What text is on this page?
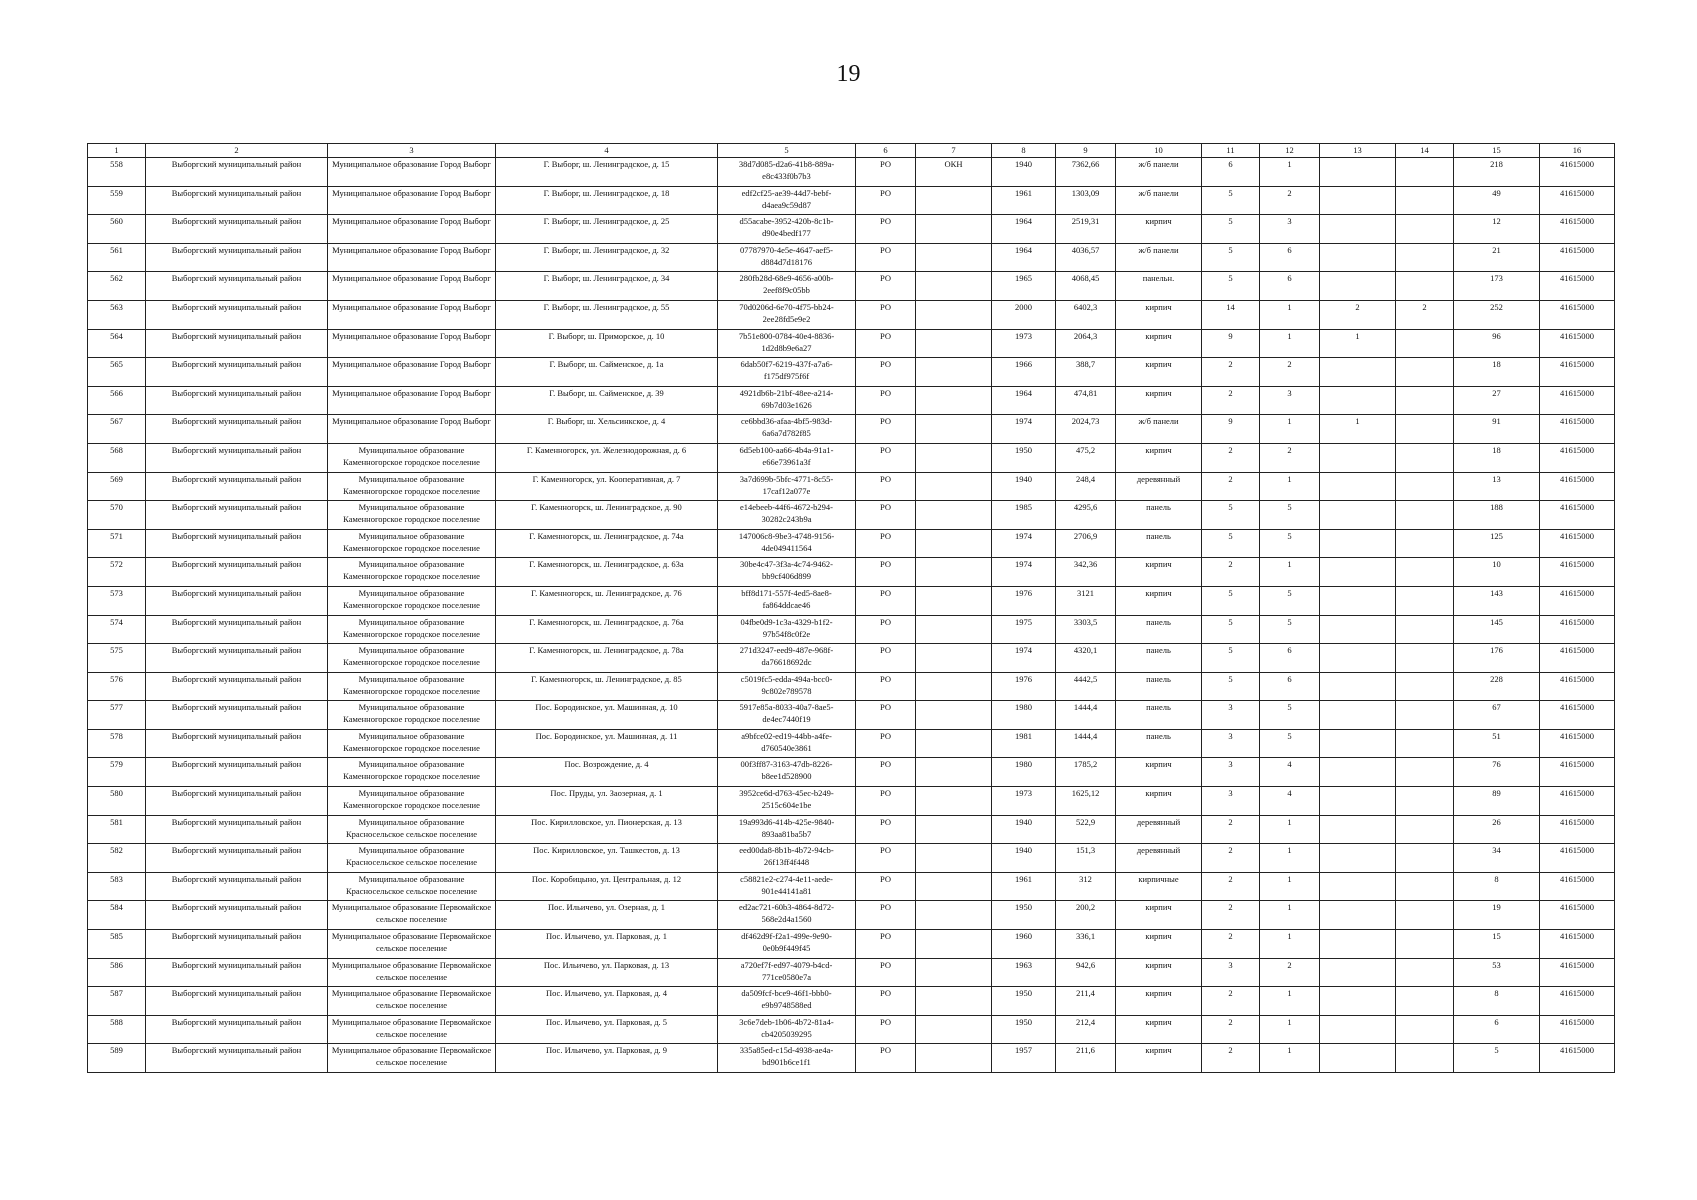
19
1	2	3	4	5	6	7	8	9	10	11	12	13	14	15	16
558	Выборгский муниципальный район	Муниципальное образование Город Выборг	Г. Выборг, ш. Ленинградское, д. 15	38d7d085-d2a6-41b8-889a-e8c433f0b7b3	РО	ОКН	1940	7362,66	ж/б панели	6	1			218	41615000
559	Выборгский муниципальный район	Муниципальное образование Город Выборг	Г. Выборг, ш. Ленинградское, д. 18	edf2cf25-ae39-44d7-bebf-d4aea9c59d87	РО		1961	1303,09	ж/б панели	5	2			49	41615000
560	Выборгский муниципальный район	Муниципальное образование Город Выборг	Г. Выборг, ш. Ленинградское, д. 25	d55acabe-3952-420b-8c1b-d90e4bedf177	РО		1964	2519,31	кирпич	5	3			12	41615000
561	Выборгский муниципальный район	Муниципальное образование Город Выборг	Г. Выборг, ш. Ленинградское, д. 32	07787970-4e5e-4647-aef5-d884d7d18176	РО		1964	4036,57	ж/б панели	5	6			21	41615000
562	Выборгский муниципальный район	Муниципальное образование Город Выборг	Г. Выборг, ш. Ленинградское, д. 34	280fb28d-68e9-4656-a00b-2eef8f9c05bb	РО		1965	4068,45	панельн.	5	6			173	41615000
563	Выборгский муниципальный район	Муниципальное образование Город Выборг	Г. Выборг, ш. Ленинградское, д. 55	70d0206d-6e70-4f75-bb24-2ee28fd5e9e2	РО		2000	6402,3	кирпич	14	1	2	2	252	41615000
564	Выборгский муниципальный район	Муниципальное образование Город Выборг	Г. Выборг, ш. Приморское, д. 10	7b51e800-0784-40e4-8836-1d2d8b9e6a27	РО		1973	2064,3	кирпич	9	1	1		96	41615000
565	Выборгский муниципальный район	Муниципальное образование Город Выборг	Г. Выборг, ш. Сайменское, д. 1а	6dab50f7-6219-437f-a7a6-f175df975f6f	РО		1966	388,7	кирпич	2	2			18	41615000
566	Выборгский муниципальный район	Муниципальное образование Город Выборг	Г. Выборг, ш. Сайменское, д. 39	4921db6b-21bf-48ee-a214-69b7d03e1626	РО		1964	474,81	кирпич	2	3			27	41615000
567	Выборгский муниципальный район	Муниципальное образование Город Выборг	Г. Выборг, ш. Хельсинкское, д. 4	ce6bbd36-afaa-4bf5-983d-6a6a7d782f85	РО		1974	2024,73	ж/б панели	9	1	1		91	41615000
568	Выборгский муниципальный район	Муниципальное образование Каменногорское городское поселение	Г. Каменногорск, ул. Железнодорожная, д. 6	6d5eb100-aa66-4b4a-91a1-e66e73961a3f	РО		1950	475,2	кирпич	2	2			18	41615000
569	Выборгский муниципальный район	Муниципальное образование Каменногорское городское поселение	Г. Каменногорск, ул. Кооперативная, д. 7	3a7d699b-5bfc-4771-8c55-17caf12a077e	РО		1940	248,4	деревянный	2	1			13	41615000
570	Выборгский муниципальный район	Муниципальное образование Каменногорское городское поселение	Г. Каменногорск, ш. Ленинградское, д. 90	e14ebeeb-44f6-4672-b294-30282c243b9a	РО		1985	4295,6	панель	5	5			188	41615000
571	Выборгский муниципальный район	Муниципальное образование Каменногорское городское поселение	Г. Каменногорск, ш. Ленинградское, д. 74а	147006c8-9be3-4748-9156-4de049411564	РО		1974	2706,9	панель	5	5			125	41615000
572	Выборгский муниципальный район	Муниципальное образование Каменногорское городское поселение	Г. Каменногорск, ш. Ленинградское, д. 63а	30be4c47-3f3a-4c74-9462-bb9cf406d899	РО		1974	342,36	кирпич	2	1			10	41615000
573	Выборгский муниципальный район	Муниципальное образование Каменногорское городское поселение	Г. Каменногорск, ш. Ленинградское, д. 76	bff8d171-557f-4ed5-8ae8-fa864ddcae46	РО		1976	3121	кирпич	5	5			143	41615000
574	Выборгский муниципальный район	Муниципальное образование Каменногорское городское поселение	Г. Каменногорск, ш. Ленинградское, д. 76а	04fbe0d9-1c3a-4329-b1f2-97b54f8c0f2e	РО		1975	3303,5	панель	5	5			145	41615000
575	Выборгский муниципальный район	Муниципальное образование Каменногорское городское поселение	Г. Каменногорск, ш. Ленинградское, д. 78а	271d3247-eed9-487e-968f-da76618692dc	РО		1974	4320,1	панель	5	6			176	41615000
576	Выборгский муниципальный район	Муниципальное образование Каменногорское городское поселение	Г. Каменногорск, ш. Ленинградское, д. 85	c5019fc5-edda-494a-bcc0-9c802e789578	РО		1976	4442,5	панель	5	6			228	41615000
577	Выборгский муниципальный район	Муниципальное образование Каменногорское городское поселение	Пос. Бородинское, ул. Машинная, д. 10	5917e85a-8033-40a7-8ae5-de4ec7440f19	РО		1980	1444,4	панель	3	5			67	41615000
578	Выборгский муниципальный район	Муниципальное образование Каменногорское городское поселение	Пос. Бородинское, ул. Машинная, д. 11	a9bfce02-ed19-44bb-a4fe-d760540e3861	РО		1981	1444,4	панель	3	5			51	41615000
579	Выборгский муниципальный район	Муниципальное образование Каменногорское городское поселение	Пос. Возрождение, д. 4	00f3ff87-3163-47db-8226-b8ee1d528900	РО		1980	1785,2	кирпич	3	4			76	41615000
580	Выборгский муниципальный район	Муниципальное образование Каменногорское городское поселение	Пос. Пруды, ул. Заозерная, д. 1	3952ce6d-d763-45ec-b249-2515c604e1be	РО		1973	1625,12	кирпич	3	4			89	41615000
581	Выборгский муниципальный район	Муниципальное образование Красносельское сельское поселение	Пос. Кирилловское, ул. Пионерская, д. 13	19a993d6-414b-425e-9840-893aa81ba5b7	РО		1940	522,9	деревянный	2	1			26	41615000
582	Выборгский муниципальный район	Муниципальное образование Красносельское сельское поселение	Пос. Кирилловское, ул. Ташкестов, д. 13	eed00da8-8b1b-4b72-94cb-26f13ff4f448	РО		1940	151,3	деревянный	2	1			34	41615000
583	Выборгский муниципальный район	Муниципальное образование Красносельское сельское поселение	Пос. Коробицыно, ул. Центральная, д. 12	c58821e2-c274-4e11-aede-901e44141a81	РО		1961	312	кирпичные	2	1			8	41615000
584	Выборгский муниципальный район	Муниципальное образование Первомайское сельское поселение	Пос. Ильичево, ул. Озерная, д. 1	ed2ac721-60b3-4864-8d72-568e2d4a1560	РО		1950	200,2	кирпич	2	1			19	41615000
585	Выборгский муниципальный район	Муниципальное образование Первомайское сельское поселение	Пос. Ильичево, ул. Парковая, д. 1	df462d9f-f2a1-499e-9e90-0e0b9f449f45	РО		1960	336,1	кирпич	2	1			15	41615000
586	Выборгский муниципальный район	Муниципальное образование Первомайское сельское поселение	Пос. Ильичево, ул. Парковая, д. 13	a720ef7f-ed97-4079-b4cd-771ce0580e7a	РО		1963	942,6	кирпич	3	2			53	41615000
587	Выборгский муниципальный район	Муниципальное образование Первомайское сельское поселение	Пос. Ильичево, ул. Парковая, д. 4	da509fcf-bce9-46f1-bbb0-e9b9748588ed	РО		1950	211,4	кирпич	2	1			8	41615000
588	Выборгский муниципальный район	Муниципальное образование Первомайское сельское поселение	Пос. Ильичево, ул. Парковая, д. 5	3c6e7deb-1b06-4b72-81a4-cb4205039295	РО		1950	212,4	кирпич	2	1			6	41615000
589	Выборгский муниципальный район	Муниципальное образование Первомайское сельское поселение	Пос. Ильичево, ул. Парковая, д. 9	335a85ed-c15d-4938-ae4a-bd901b6ce1f1	РО		1957	211,6	кирпич	2	1			5	41615000
